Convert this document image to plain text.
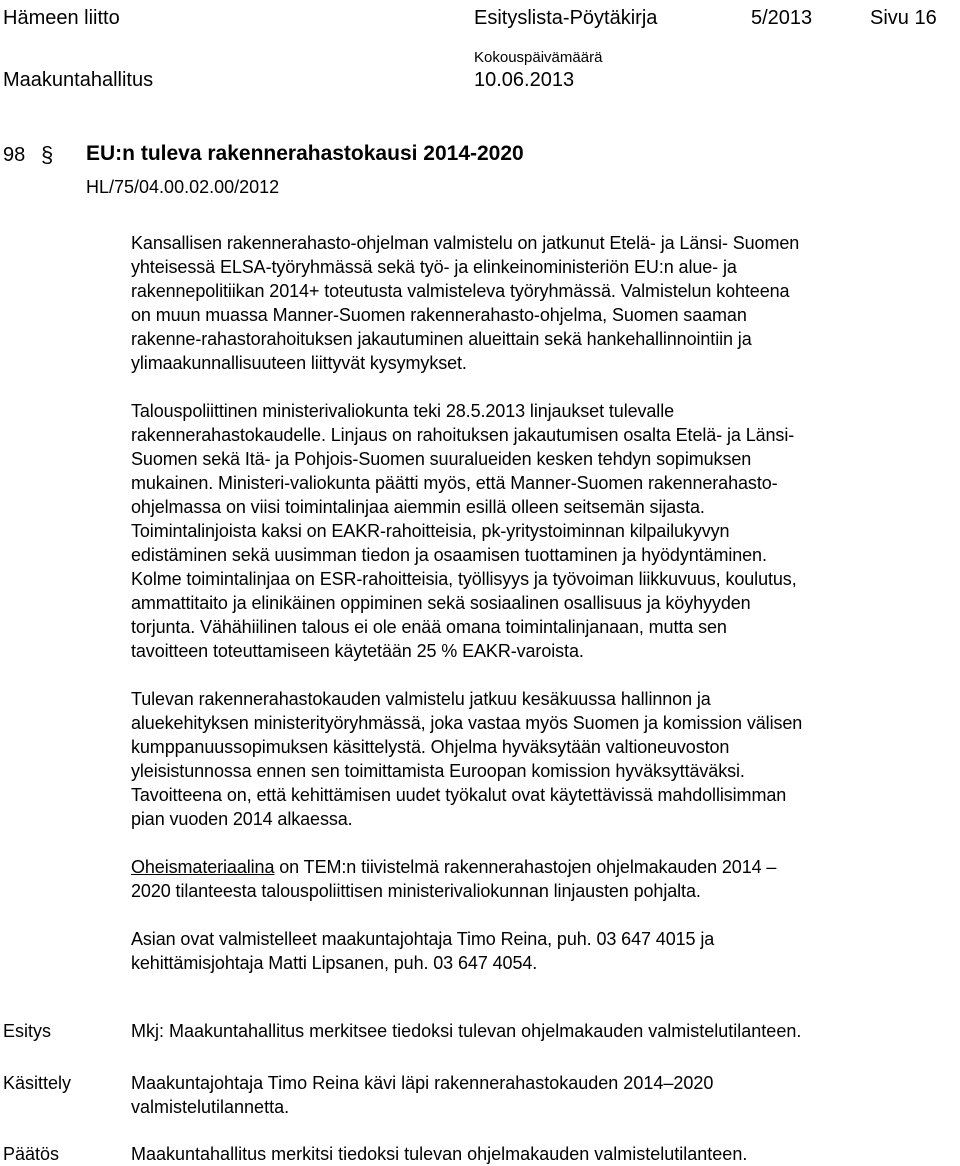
Hämeen liitto	Esityslista-Pöytäkirja	5/2013	Sivu 16
Kokouspäivämäärä
Maakuntahallitus	10.06.2013
98 § EU:n tuleva rakennerahastokausi 2014-2020
HL/75/04.00.02.00/2012

Kansallisen rakennerahasto-ohjelman valmistelu on jatkunut Etelä- ja Länsi- Suomen
yhteisessä ELSA-työryhmässä sekä työ- ja elinkeinoministeriön EU:n alue- ja
rakennepolitiikan 2014+ toteutusta valmisteleva työryhmässä. Valmistelun kohteena
on muun muassa Manner-Suomen rakennerahasto-ohjelma, Suomen saaman
rakenne-rahastorahoituksen jakautuminen alueittain sekä hankehallinnointiin ja
ylimaakunnallisuuteen liittyvät kysymykset.

Talouspoliittinen ministerivaliokunta teki 28.5.2013 linjaukset tulevalle
rakennerahastokaudelle. Linjaus on rahoituksen jakautumisen osalta Etelä- ja Länsi-
Suomen sekä Itä- ja Pohjois-Suomen suuralueiden kesken tehdyn sopimuksen
mukainen. Ministeri-valiokunta päätti myös, että Manner-Suomen rakennerahasto-
ohjelmassa on viisi toimintalinjaa aiemmin esillä olleen seitsemän sijasta.
Toimintalinjoista kaksi on EAKR-rahoitteisia, pk-yritystoiminnan kilpailukyvyn
edistäminen sekä uusimman tiedon ja osaamisen tuottaminen ja hyödyntäminen.
Kolme toimintalinjaa on ESR-rahoitteisia, työllisyys ja työvoiman liikkuvuus, koulutus,
ammattitaito ja elinikäinen oppiminen sekä sosiaalinen osallisuus ja köyhyyden
torjunta. Vähähiilinen talous ei ole enää omana toimintalinjanaan, mutta sen
tavoitteen toteuttamiseen käytetään 25 % EAKR-varoista.

Tulevan rakennerahastokauden valmistelu jatkuu kesäkuussa hallinnon ja
aluekehityksen ministerityöryhmässä, joka vastaa myös Suomen ja komission välisen
kumppanuussopimuksen käsittelystä. Ohjelma hyväksytään valtioneuvoston
yleisistunnossa ennen sen toimittamista Euroopan komission hyväksyttäväksi.
Tavoitteena on, että kehittämisen uudet työkalut ovat käytettävissä mahdollisimman
pian vuoden 2014 alkaessa.

Oheismateriaalina on TEM:n tiivistelmä rakennerahastojen ohjelmakauden 2014 –
2020 tilanteesta talouspoliittisen ministerivaliokunnan linjausten pohjalta.

Asian ovat valmistelleet maakuntajohtaja Timo Reina, puh. 03 647 4015 ja
kehittämisjohtaja Matti Lipsanen, puh. 03 647 4054.

Esitys	Mkj: Maakuntahallitus merkitsee tiedoksi tulevan ohjelmakauden valmistelutilanteen.
Käsittely	Maakuntajohtaja Timo Reina kävi läpi rakennerahastokauden 2014–2020
valmistelutilannetta.
Päätös	Maakuntahallitus merkitsi tiedoksi tulevan ohjelmakauden valmistelutilanteen.
